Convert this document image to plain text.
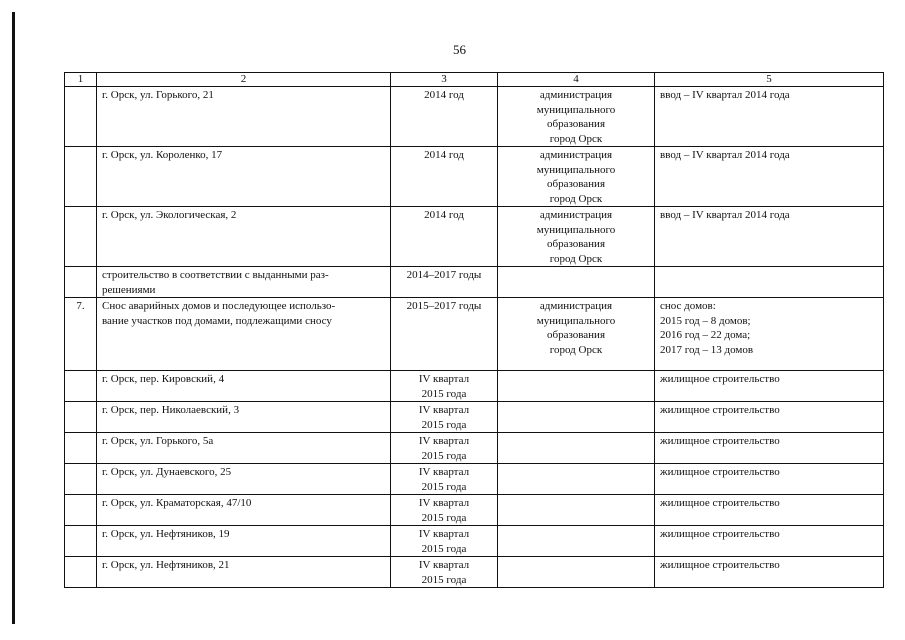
56
1	2	3	4	5

	г. Орск, ул. Горького, 21	2014 год	администрация
муниципального
образования
город Орск	ввод – IV квартал 2014 года

	г. Орск, ул. Короленко, 17	2014 год	администрация
муниципального
образования
город Орск	ввод – IV квартал 2014 года

	г. Орск, ул. Экологическая, 2	2014 год	администрация
муниципального
образования
город Орск	ввод – IV квартал 2014 года

	строительство в соответствии с выданными раз-
решениями	2014–2017 годы		

7.	Снос аварийных домов и последующее использо-
вание участков под домами, подлежащими сносу	2015–2017 годы	администрация
муниципального
образования
город Орск	снос домов:
2015 год – 8 домов;
2016 год – 22 дома;
2017 год – 13 домов

	г. Орск, пер. Кировский, 4	IV квартал
2015 года		жилищное строительство

	г. Орск, пер. Николаевский, 3	IV квартал
2015 года		жилищное строительство

	г. Орск, ул. Горького, 5а	IV квартал
2015 года		жилищное строительство

	г. Орск, ул. Дунаевского, 25	IV квартал
2015 года		жилищное строительство

	г. Орск, ул. Краматорская, 47/10	IV квартал
2015 года		жилищное строительство

	г. Орск, ул. Нефтяников, 19	IV квартал
2015 года		жилищное строительство

	г. Орск, ул. Нефтяников, 21	IV квартал
2015 года		жилищное строительство
